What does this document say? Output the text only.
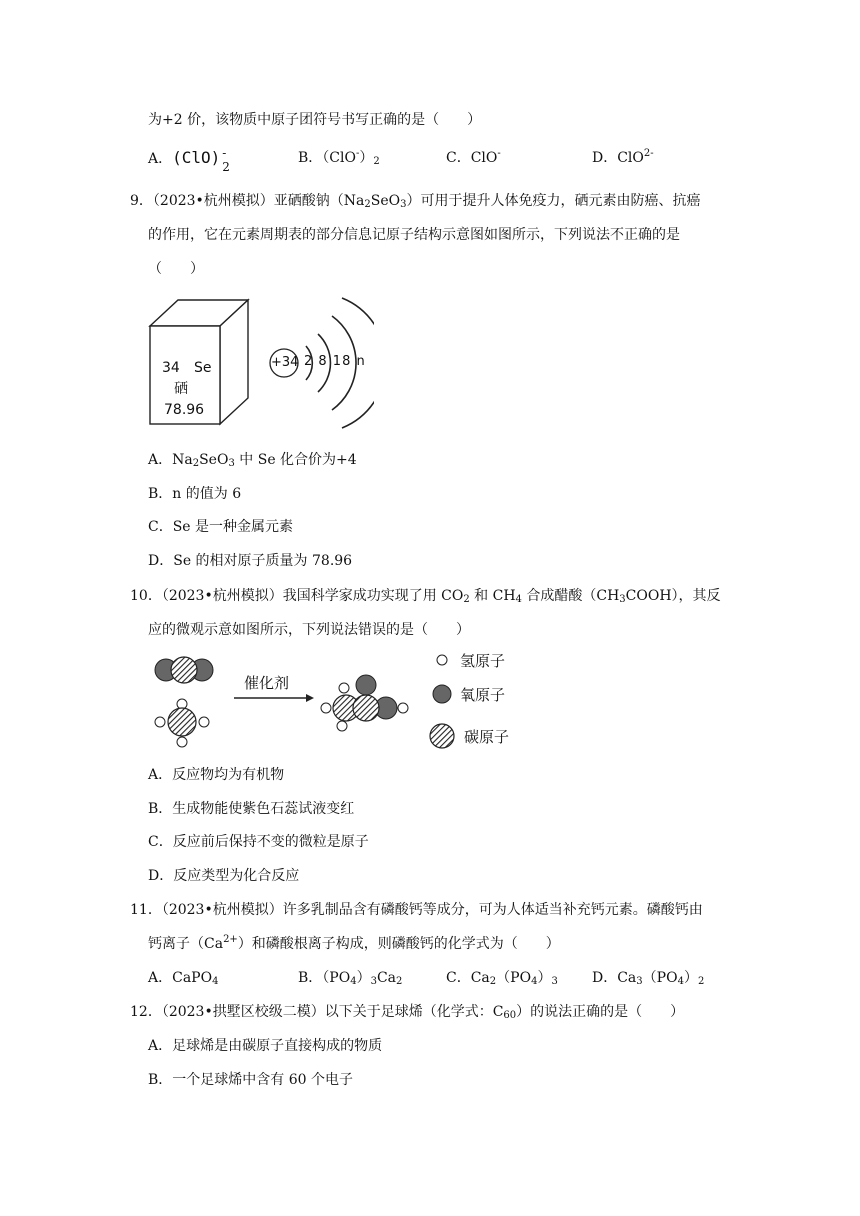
为+2 价，该物质中原子团符号书写正确的是（　　）
A．(ClO) -
2
B．$(ClO^-)_2$	C．ClO-	D．ClO$^{2-}$
9．（2023•杭州模拟）亚硒酸钠$(Na_2SeO_3)$可用于提升人体免疫力，硒元素由防癌、抗癌
的作用，它在元素周期表的部分信息记原子结构示意图如图所示，下列说法不正确的是
（　　）
34 Se
硒
78.96
+34 2 8 18 n
A．$Na_2SeO_3$ 中 Se 化合价为+4
B．n 的值为 6
C．Se 是一种金属元素
D．Se 的相对原子质量为 78.96
10．（2023•杭州模拟）我国科学家成功实现了用 $CO_2$ 和 $CH_4$ 合成醋酸$(CH_3COOH)$，其反
应的微观示意如图所示，下列说法错误的是（　　）
催化剂
氢原子
氧原子
碳原子
A．反应物均为有机物
B．生成物能使紫色石蕊试液变红
C．反应前后保持不变的微粒是原子
D．反应类型为化合反应
11．（2023•杭州模拟）许多乳制品含有磷酸钙等成分，可为人体适当补充钙元素。磷酸钙由
钙离子$(Ca^{2+})$和磷酸根离子构成，则磷酸钙的化学式为（　　）
A．CaPO$_4$	B．$(PO_4)_3Ca_2$	C．$Ca_2(PO_4)_3$ D．$Ca_3(PO_4)_2$
12．（2023•拱墅区校级二模）以下关于足球烯（化学式：$C_{60}$）的说法正确的是（　　）
A．足球烯是由碳原子直接构成的物质
B．一个足球烯中含有 60 个电子
